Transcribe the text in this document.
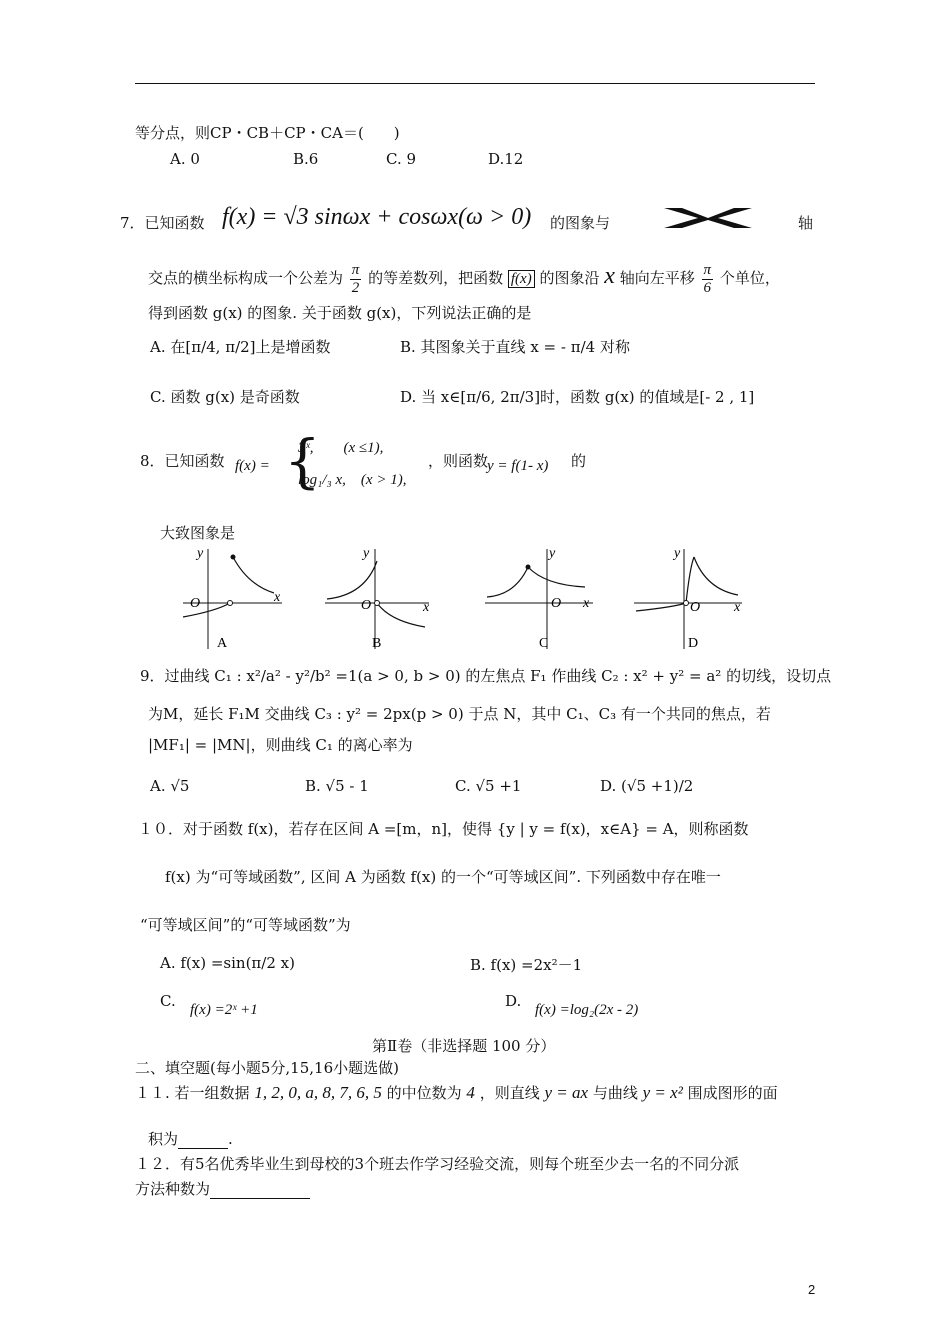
等分点，则CP・CB＋CP・CA＝(　　)
A. 0	B.6	C. 9	D.12
7．已知函数 f(x) = √3 sinωx + cosωx(ω > 0) 的图象与	轴
交点的横坐标构成一个公差为 $\frac{\pi}{2}$ 的等差数列，把函数 f(x) 的图象沿 x 轴向左平移 $\frac{\pi}{6}$ 个单位，
得到函数 g(x) 的图象. 关于函数 g(x)，下列说法正确的是
A. 在[π/4, π/2]上是增函数	B. 其图象关于直线 x = - π/4 对称
C. 函数 g(x) 是奇函数	D. 当 x∈[π/6, 2π/3]时，函数 g(x) 的值域是[- 2 , 1]
8．已知函数 f(x) = {
3ˣ,　　(x ≤1),
log₁/₃ x,　(x > 1),
，则函数
y = f(1- x) 的
大致图象是
y
x
O
A
y
x
O
B
y
x
O
C
y
x
O
D
9．过曲线 C₁ : x²/a² - y²/b² =1(a > 0, b > 0) 的左焦点 F₁ 作曲线 C₂ : x² + y² = a² 的切线，设切点
为M，延长 F₁M 交曲线 C₃ : y² = 2px(p > 0) 于点 N，其中 C₁、C₃ 有一个共同的焦点，若
|MF₁| = |MN|，则曲线 C₁ 的离心率为
A. √5	B. √5 - 1	C. √5 +1	D. (√5 +1)/2
１０．对于函数 f(x)，若存在区间 A =[m，n]，使得 {y | y = f(x)，x∈A} = A，则称函数
f(x) 为“可等域函数”, 区间 A 为函数 f(x) 的一个“可等域区间”. 下列函数中存在唯一
“可等域区间”的“可等域函数”为
A. f(x) =sin(π/2 x)	B. f(x) =2x²－1
C. f(x) =2ˣ +1	D. f(x) =log₂(2x - 2)
第Ⅱ卷（非选择题 100 分）
二、填空题(每小题5分,15,16小题选做)
１１. 若一组数据 1, 2, 0, a, 8, 7, 6, 5 的中位数为 4 ，则直线 y = ax 与曲线 y = x² 围成图形的面
积为	.
１２．有5名优秀毕业生到母校的3个班去作学习经验交流，则每个班至少去一名的不同分派
方法种数为
2
